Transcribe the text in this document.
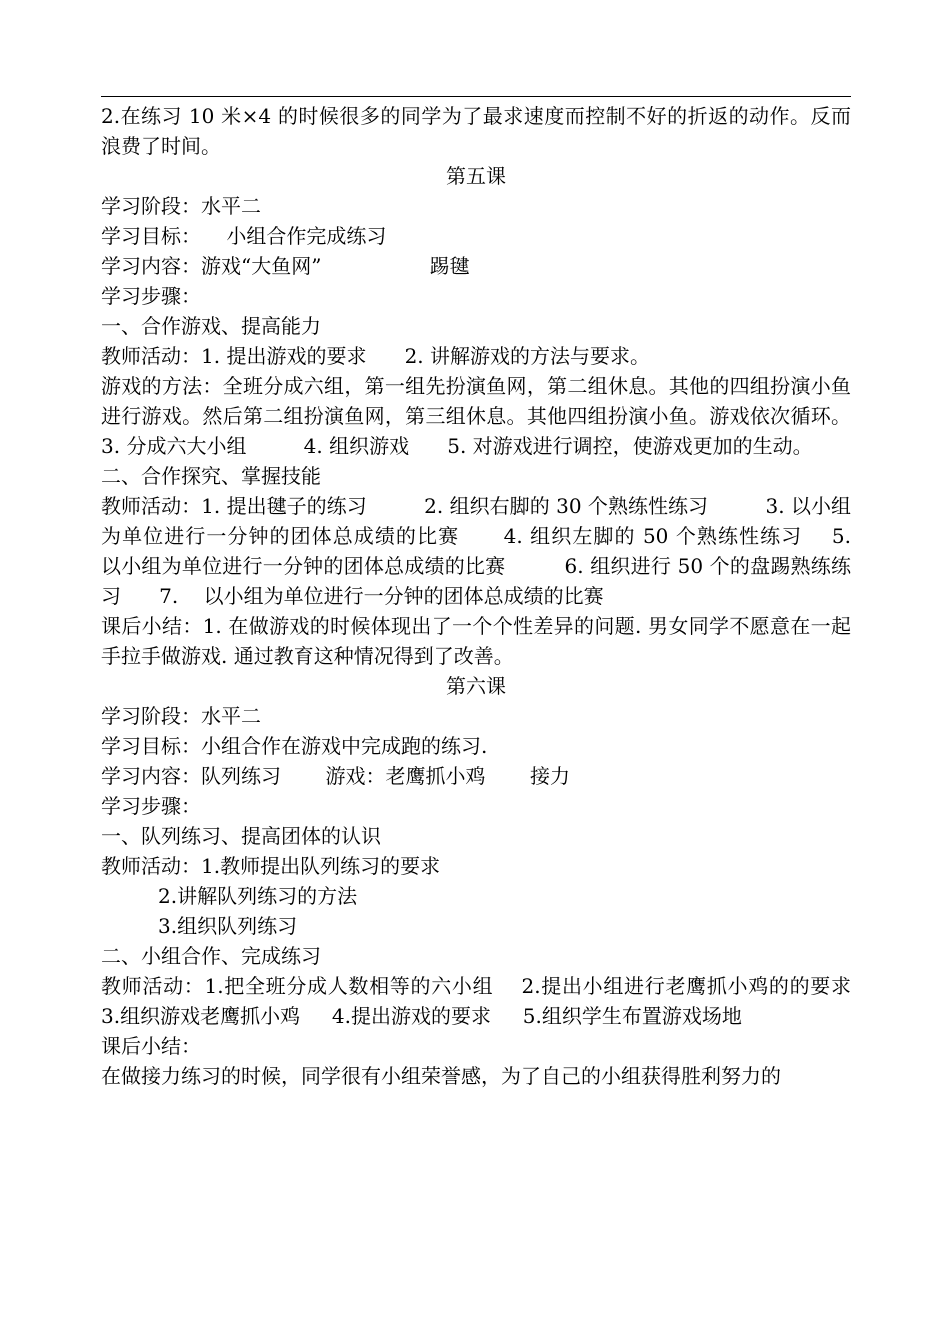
2.在练习 10 米×4 的时候很多的同学为了最求速度而控制不好的折返的动作。反而浪费了时间。

第五课

学习阶段：水平二

学习目标：    小组合作完成练习

学习内容：游戏“大鱼网”                 踢毽

学习步骤：

一、合作游戏、提高能力

教师活动：1. 提出游戏的要求      2. 讲解游戏的方法与要求。

游戏的方法：全班分成六组，第一组先扮演鱼网，第二组休息。其他的四组扮演小鱼进行游戏。然后第二组扮演鱼网，第三组休息。其他四组扮演小鱼。游戏依次循环。      3. 分成六大小组         4. 组织游戏      5. 对游戏进行调控，使游戏更加的生动。

二、合作探究、掌握技能

教师活动：1. 提出毽子的练习         2. 组织右脚的 30 个熟练性练习         3. 以小组为单位进行一分钟的团体总成绩的比赛      4. 组织左脚的 50 个熟练性练习    5.    以小组为单位进行一分钟的团体总成绩的比赛         6. 组织进行 50 个的盘踢熟练练习      7.    以小组为单位进行一分钟的团体总成绩的比赛

课后小结：1. 在做游戏的时候体现出了一个个性差异的问题. 男女同学不愿意在一起手拉手做游戏. 通过教育这种情况得到了改善。

第六课

学习阶段：水平二

学习目标：小组合作在游戏中完成跑的练习.

学习内容：队列练习       游戏：老鹰抓小鸡       接力

学习步骤：

一、队列练习、提高团体的认识

教师活动：1.教师提出队列练习的要求

2.讲解队列练习的方法

3.组织队列练习

二、小组合作、完成练习

教师活动：1.把全班分成人数相等的六小组    2.提出小组进行老鹰抓小鸡的的要求        3.组织游戏老鹰抓小鸡     4.提出游戏的要求     5.组织学生布置游戏场地

课后小结：

在做接力练习的时候，同学很有小组荣誉感，为了自己的小组获得胜利努力的
